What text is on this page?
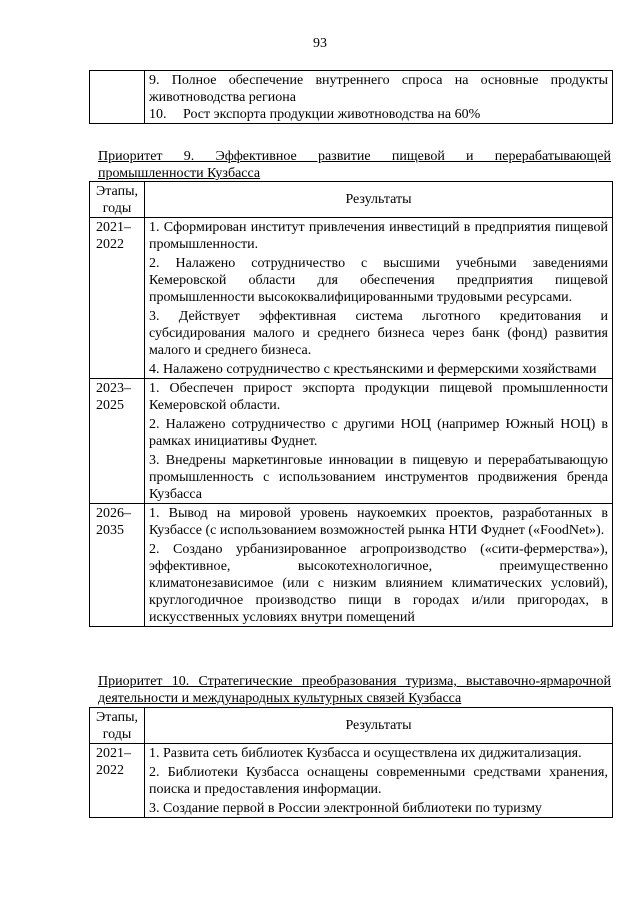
93

9. Полное обеспечение внутреннего спроса на основные продукты животноводства региона
10. Рост экспорта продукции животноводства на 60%
Приоритет 9. Эффективное развитие пищевой и перерабатывающей промышленности Кузбасса
Этапы, годы	Результаты
2021–2022	1. Сформирован институт привлечения инвестиций в предприятия пищевой промышленности.
2. Налажено сотрудничество с высшими учебными заведениями Кемеровской области для обеспечения предприятия пищевой промышленности высококвалифицированными трудовыми ресурсами.
3. Действует эффективная система льготного кредитования и субсидирования малого и среднего бизнеса через банк (фонд) развития малого и среднего бизнеса.
4. Налажено сотрудничество с крестьянскими и фермерскими хозяйствами

2023–2025	1. Обеспечен прирост экспорта продукции пищевой промышленности Кемеровской области.
2. Налажено сотрудничество с другими НОЦ (например Южный НОЦ) в рамках инициативы Фуднет.
3. Внедрены маркетинговые инновации в пищевую и перерабатывающую промышленность с использованием инструментов продвижения бренда Кузбасса

2026–2035	1. Вывод на мировой уровень наукоемких проектов, разработанных в Кузбассе (с использованием возможностей рынка НТИ Фуднет («FoodNet»).
2. Создано урбанизированное агропроизводство («сити-фермерства»), эффективное, высокотехнологичное, преимущественно климатонезависимое (или с низким влиянием климатических условий), круглогодичное производство пищи в городах и/или пригородах, в искусственных условиях внутри помещений
Приоритет 10. Стратегические преобразования туризма, выставочно-ярмарочной деятельности и международных культурных связей Кузбасса
Этапы, годы	Результаты
2021–2022	1. Развита сеть библиотек Кузбасса и осуществлена их диджитализация.
2. Библиотеки Кузбасса оснащены современными средствами хранения, поиска и предоставления информации.
3. Создание первой в России электронной библиотеки по туризму
